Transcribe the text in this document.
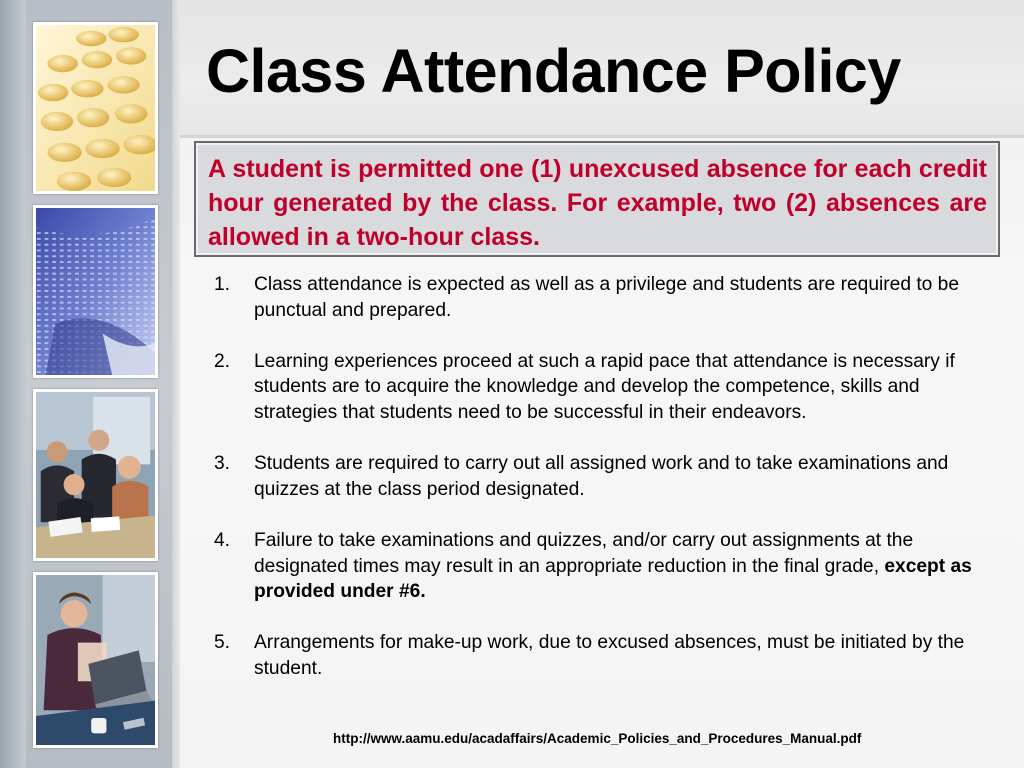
Class Attendance Policy

A student is permitted one (1) unexcused absence for each credit hour generated by the class. For example, two (2) absences are allowed in a two-hour class.

1. Class attendance is expected as well as a privilege and students are required to be punctual and prepared.
2. Learning experiences proceed at such a rapid pace that attendance is necessary if students are to acquire the knowledge and develop the competence, skills and strategies that students need to be successful in their endeavors.
3. Students are required to carry out all assigned work and to take examinations and quizzes at the class period designated.
4. Failure to take examinations and quizzes, and/or carry out assignments at the designated times may result in an appropriate reduction in the final grade, except as provided under #6.
5. Arrangements for make-up work, due to excused absences, must be initiated by the student.
http://www.aamu.edu/acadaffairs/Academic_Policies_and_Procedures_Manual.pdf
